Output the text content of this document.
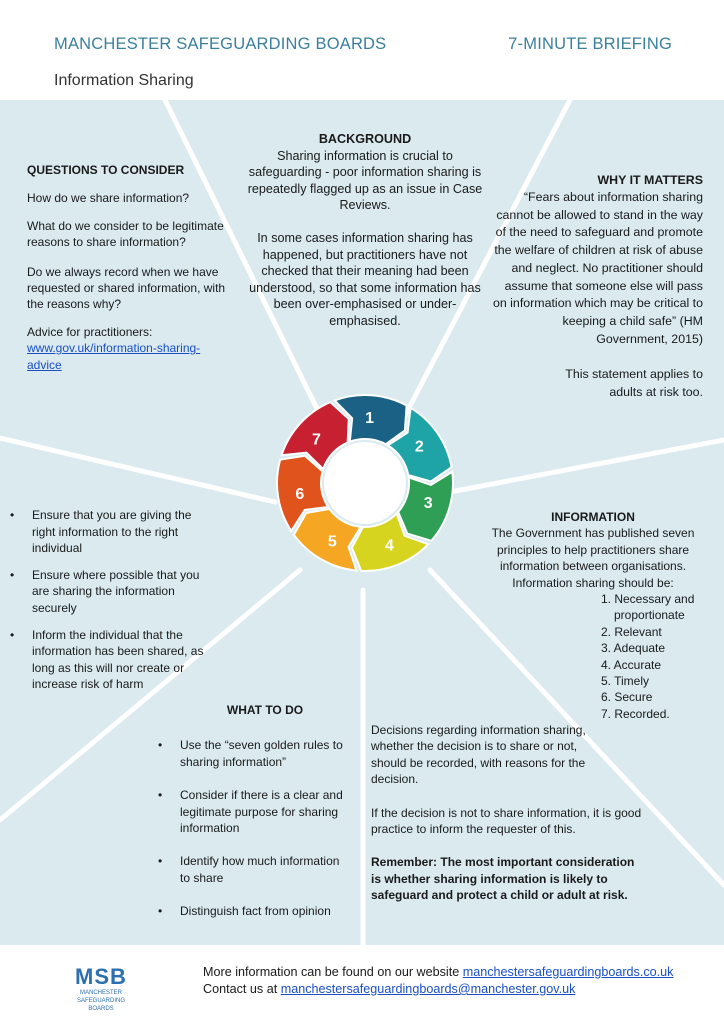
MANCHESTER SAFEGUARDING BOARDS	7-MINUTE BRIEFING
Information Sharing
1
2
3
4
5
6
7
BACKGROUND
Sharing information is crucial to safeguarding - poor information sharing is repeatedly flagged up as an issue in Case Reviews.
In some cases information sharing has happened, but practitioners have not checked that their meaning had been understood, so that some information has been over-emphasised or under-emphasised.
QUESTIONS TO CONSIDER
How do we share information?
What do we consider to be legitimate reasons to share information?
Do we always record when we have requested or shared information, with the reasons why?
Advice for practitioners:
www.gov.uk/information-sharing-advice
WHY IT MATTERS
“Fears about information sharing cannot be allowed to stand in the way of the need to safeguard and promote the welfare of children at risk of abuse and neglect. No practitioner should assume that someone else will pass on information which may be critical to keeping a child safe” (HM Government, 2015)
This statement applies to adults at risk too.
• Ensure that you are giving the right information to the right individual
• Ensure where possible that you are sharing the information securely
• Inform the individual that the information has been shared, as long as this will nor create or increase risk of harm
INFORMATION
The Government has published seven principles to help practitioners share information between organisations. Information sharing should be:
1. Necessary and proportionate
2. Relevant
3. Adequate
4. Accurate
5. Timely
6. Secure
7. Recorded.
WHAT TO DO
• Use the “seven golden rules to sharing information”
• Consider if there is a clear and legitimate purpose for sharing information
• Identify how much information to share
• Distinguish fact from opinion
Decisions regarding information sharing, whether the decision is to share or not, should be recorded, with reasons for the decision.
If the decision is not to share information, it is good practice to inform the requester of this.
Remember: The most important consideration is whether sharing information is likely to safeguard and protect a child or adult at risk.
MSB
MANCHESTER SAFEGUARDING
BOARDS
More information can be found on our website manchestersafeguardingboards.co.uk
Contact us at manchestersafeguardingboards@manchester.gov.uk
